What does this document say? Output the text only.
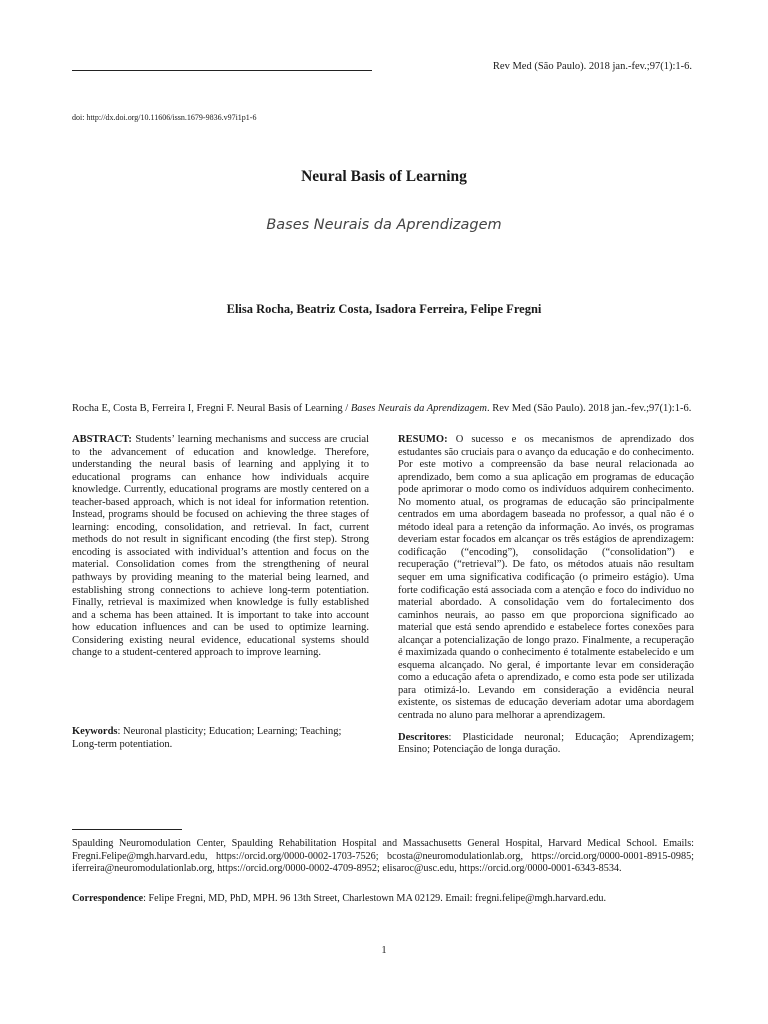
Rev Med (São Paulo). 2018 jan.-fev.;97(1):1-6.
doi: http://dx.doi.org/10.11606/issn.1679-9836.v97i1p1-6
Neural Basis of Learning
Bases Neurais da Aprendizagem
Elisa Rocha, Beatriz Costa, Isadora Ferreira, Felipe Fregni
Rocha E, Costa B, Ferreira I, Fregni F. Neural Basis of Learning / Bases Neurais da Aprendizagem. Rev Med (São Paulo). 2018 jan.-fev.;97(1):1-6.
ABSTRACT: Students’ learning mechanisms and success are crucial to the advancement of education and knowledge. Therefore, understanding the neural basis of learning and applying it to educational programs can enhance how individuals acquire knowledge. Currently, educational programs are mostly centered on a teacher-based approach, which is not ideal for information retention. Instead, programs should be focused on achieving the three stages of learning: encoding, consolidation, and retrieval. In fact, current methods do not result in significant encoding (the first step). Strong encoding is associated with individual’s attention and focus on the material. Consolidation comes from the strengthening of neural pathways by providing meaning to the material being learned, and establishing strong connections to achieve long-term potentiation. Finally, retrieval is maximized when knowledge is fully established and a schema has been attained. It is important to take into account how education influences and can be used to optimize learning. Considering existing neural evidence, educational systems should change to a student-centered approach to improve learning.
Keywords: Neuronal plasticity; Education; Learning; Teaching; Long-term potentiation.
RESUMO: O sucesso e os mecanismos de aprendizado dos estudantes são cruciais para o avanço da educação e do conhecimento. Por este motivo a compreensão da base neural relacionada ao aprendizado, bem como a sua aplicação em programas de educação pode aprimorar o modo como os indivíduos adquirem conhecimento. No momento atual, os programas de educação são principalmente centrados em uma abordagem baseada no professor, a qual não é o método ideal para a retenção da informação. Ao invés, os programas deveriam estar focados em alcançar os três estágios de aprendizagem: codificação (“encoding”), consolidação (“consolidation”) e recuperação (“retrieval”). De fato, os métodos atuais não resultam sequer em uma significativa codificação (o primeiro estágio). Uma forte codificação está associada com a atenção e foco do indivíduo no material abordado. A consolidação vem do fortalecimento dos caminhos neurais, ao passo em que proporciona significado ao material que está sendo aprendido e estabelece fortes conexões para alcançar a potencialização de longo prazo. Finalmente, a recuperação é maximizada quando o conhecimento é totalmente estabelecido e um esquema alcançado. No geral, é importante levar em consideração como a educação afeta o aprendizado, e como esta pode ser utilizada para otimizá-lo. Levando em consideração a evidência neural existente, os sistemas de educação deveriam adotar uma abordagem centrada no aluno para melhorar a aprendizagem.
Descritores: Plasticidade neuronal; Educação; Aprendizagem; Ensino; Potenciação de longa duração.
Spaulding Neuromodulation Center, Spaulding Rehabilitation Hospital and Massachusetts General Hospital, Harvard Medical School. Emails: Fregni.Felipe@mgh.harvard.edu, https://orcid.org/0000-0002-1703-7526; bcosta@neuromodulationlab.org, https://orcid.org/0000-0001-8915-0985; iferreira@neuromodulationlab.org, https://orcid.org/0000-0002-4709-8952; elisaroc@usc.edu, https://orcid.org/0000-0001-6343-8534.
Correspondence: Felipe Fregni, MD, PhD, MPH. 96 13th Street, Charlestown MA 02129. Email: fregni.felipe@mgh.harvard.edu.
1
